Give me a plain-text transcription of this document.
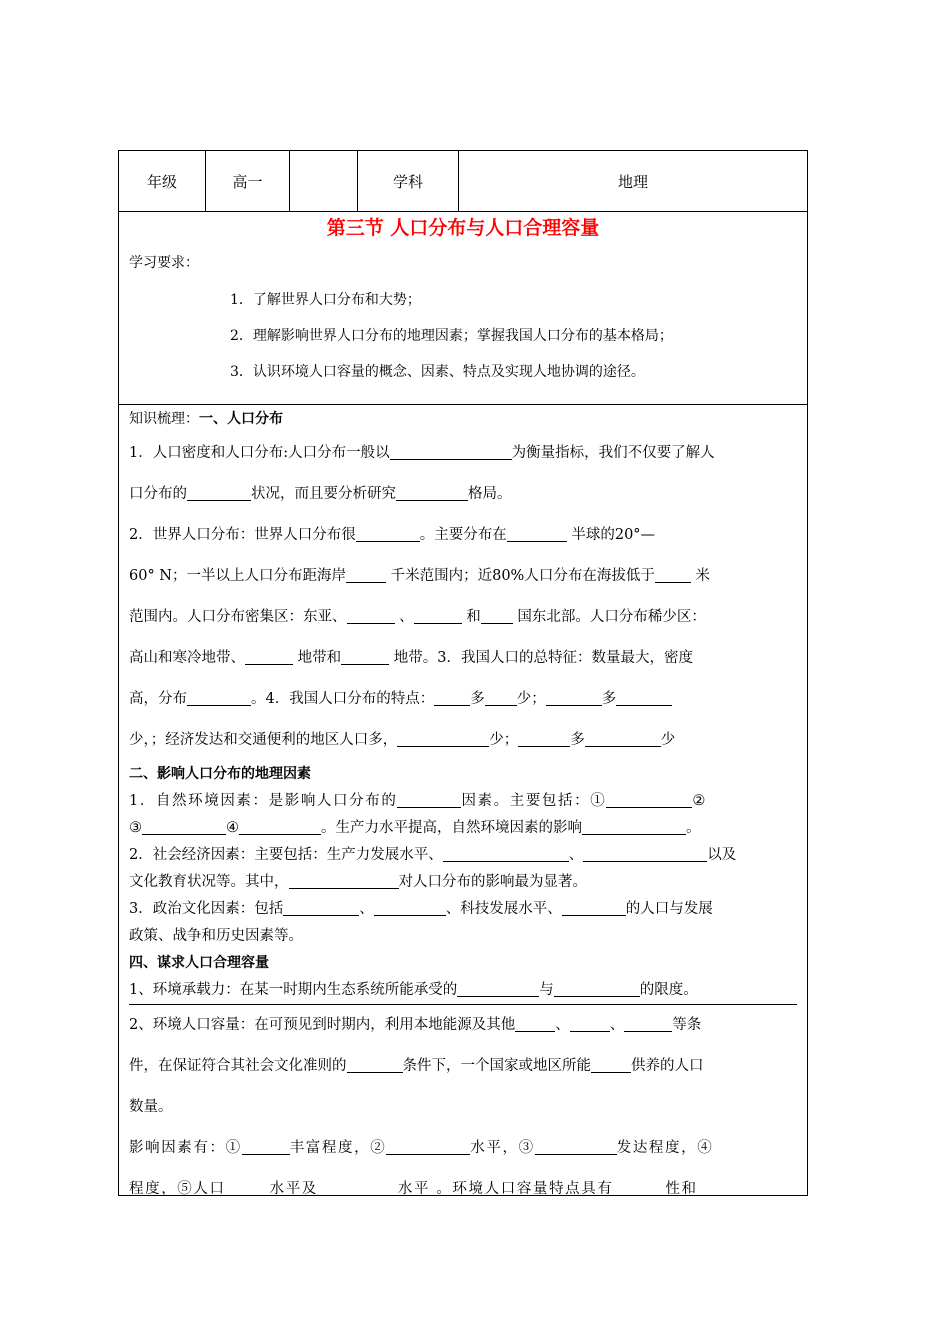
年级	高一	学科	地理
第三节 人口分布与人口合理容量
学习要求：
1．了解世界人口分布和大势；
2．理解影响世界人口分布的地理因素；掌握我国人口分布的基本格局；
3．认识环境人口容量的概念、因素、特点及实现人地协调的途径。
知识梳理：一、人口分布
1．人口密度和人口分布:人口分布一般以	为衡量指标，我们不仅要了解人
口分布的	状况，而且要分析研究	格局。
2．世界人口分布：世界人口分布很	。主要分布在	半球的20°—
60° N；一半以上人口分布距海岸	千米范围内；近80%人口分布在海拔低于 米
范围内。人口分布密集区：东亚、	、	和 国东北部。人口分布稀少区：
高山和寒冷地带、	地带和	地带。3．我国人口的总特征：数量最大，密度
高，分布	。4．我国人口分布的特点： 多 少；	多
少，；经济发达和交通便利的地区人口多，	少；	多	少
二、影响人口分布的地理因素
1．自然环境因素：是影响人口分布的	因素。主要包括：①	②
③	④	。生产力水平提高，自然环境因素的影响	。
2．社会经济因素：主要包括：生产力发展水平、	、	以及
文化教育状况等。其中，	对人口分布的影响最为显著。
3．政治文化因素：包括	、	、科技发展水平、	的人口与发展
政策、战争和历史因素等。
四、谋求人口合理容量
1、环境承载力：在某一时期内生态系统所能承受的	与	的限度。
2、环境人口容量：在可预见到时期内，利用本地能源及其他	、	、	等条
件，在保证符合其社会文化准则的	条件下，一个国家或地区所能	供养的人口
数量。
影响因素有：①	丰富程度，②	水平，③	发达程度，④
程度，⑤人口	水平及	水平 。环境人口容量特点具有	性和
